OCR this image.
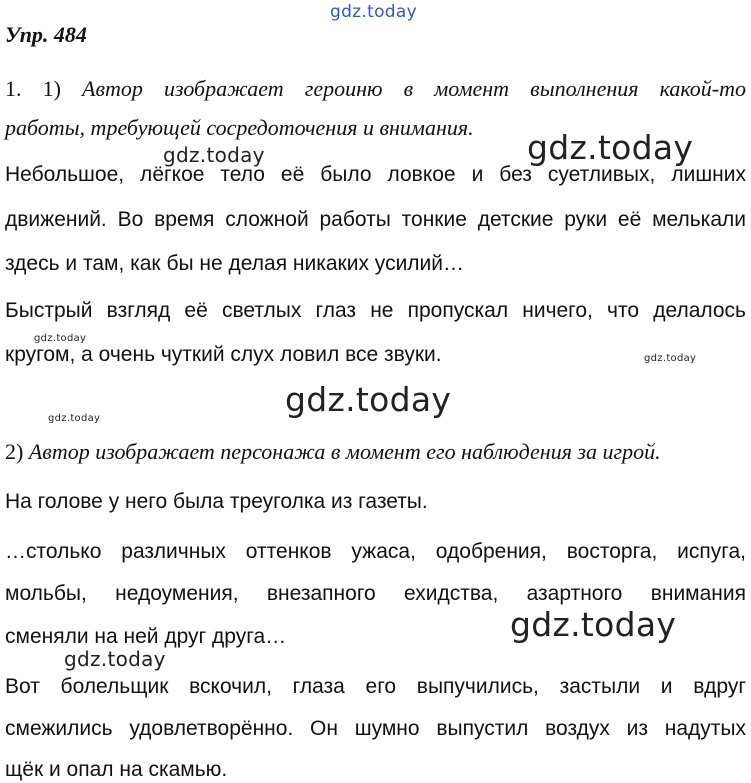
Упр. 484
1. 1) Автор изображает героиню в момент выполнения какой-то
работы, требующей сосредоточения и внимания.
Небольшое, лёгкое тело её было ловкое и без суетливых, лишних
движений. Во время сложной работы тонкие детские руки её мелькали
здесь и там, как бы не делая никаких усилий…
Быстрый взгляд её светлых глаз не пропускал ничего, что делалось
кругом, а очень чуткий слух ловил все звуки.
2) Автор изображает персонажа в момент его наблюдения за игрой.
На голове у него была треуголка из газеты.
…столько различных оттенков ужаса, одобрения, восторга, испуга,
мольбы, недоумения, внезапного ехидства, азартного внимания
сменяли на ней друг друга…
Вот болельщик вскочил, глаза его выпучились, застыли и вдруг
смежились удовлетворённо. Он шумно выпустил воздух из надутых
щёк и опал на скамью.
gdz.today
gdz.today	gdz.today
gdz.today
gdz.today
gdz.today
gdz.today
gdz.today
gdz.today
